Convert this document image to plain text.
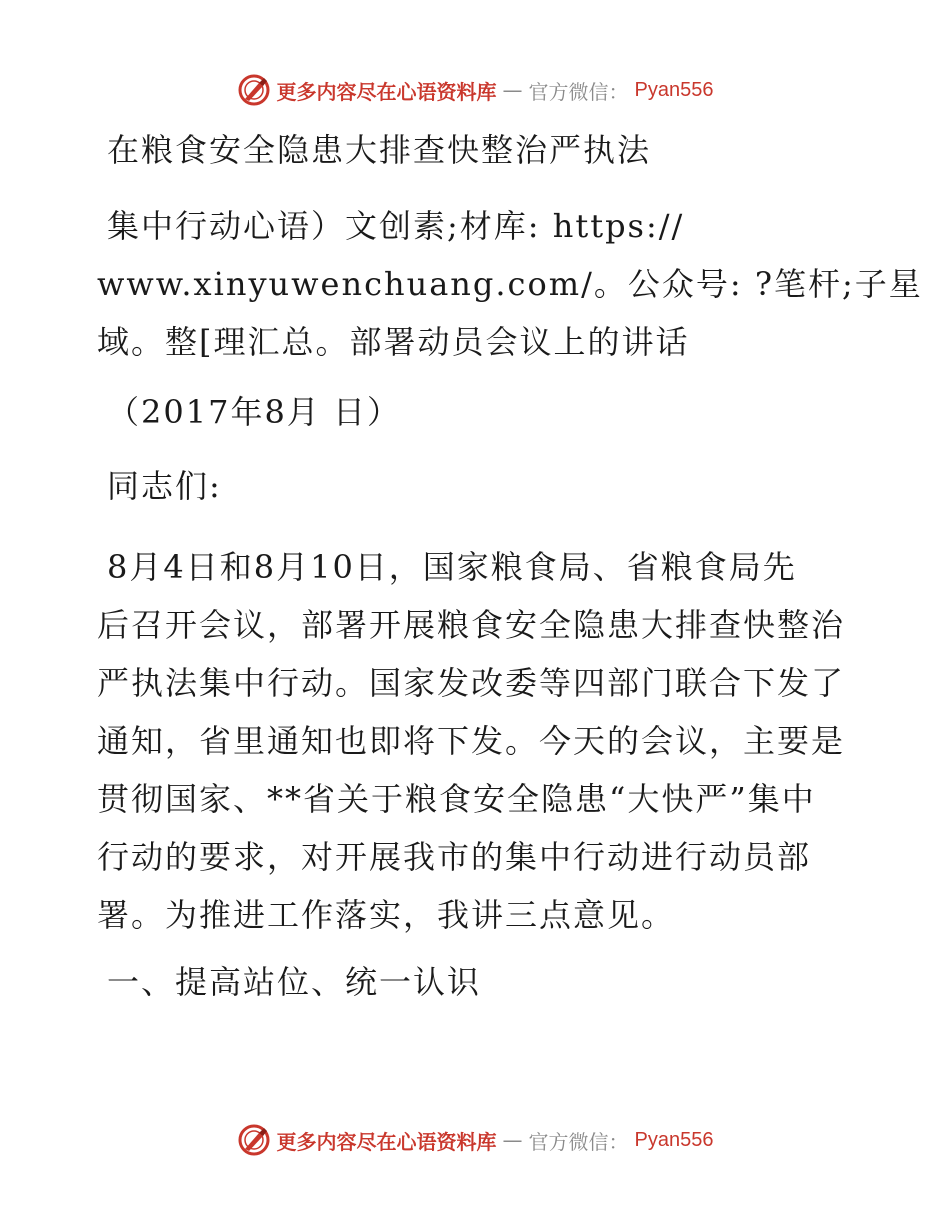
更多内容尽在心语资料库 — 官方微信： Pyan556
在粮食安全隐患大排查快整治严执法
集中行动心语）文创素;材库: https://
www.xinyuwenchuang.com/。公众号: ?笔杆;子星
域。整[理汇总。部署动员会议上的讲话
（2017年8月 日）
同志们:
8月4日和8月10日，国家粮食局、省粮食局先
后召开会议，部署开展粮食安全隐患大排查快整治
严执法集中行动。国家发改委等四部门联合下发了
通知，省里通知也即将下发。今天的会议，主要是
贯彻国家、**省关于粮食安全隐患“大快严”集中
行动的要求，对开展我市的集中行动进行动员部
署。为推进工作落实，我讲三点意见。
一、提高站位、统一认识
更多内容尽在心语资料库 — 官方微信： Pyan556
